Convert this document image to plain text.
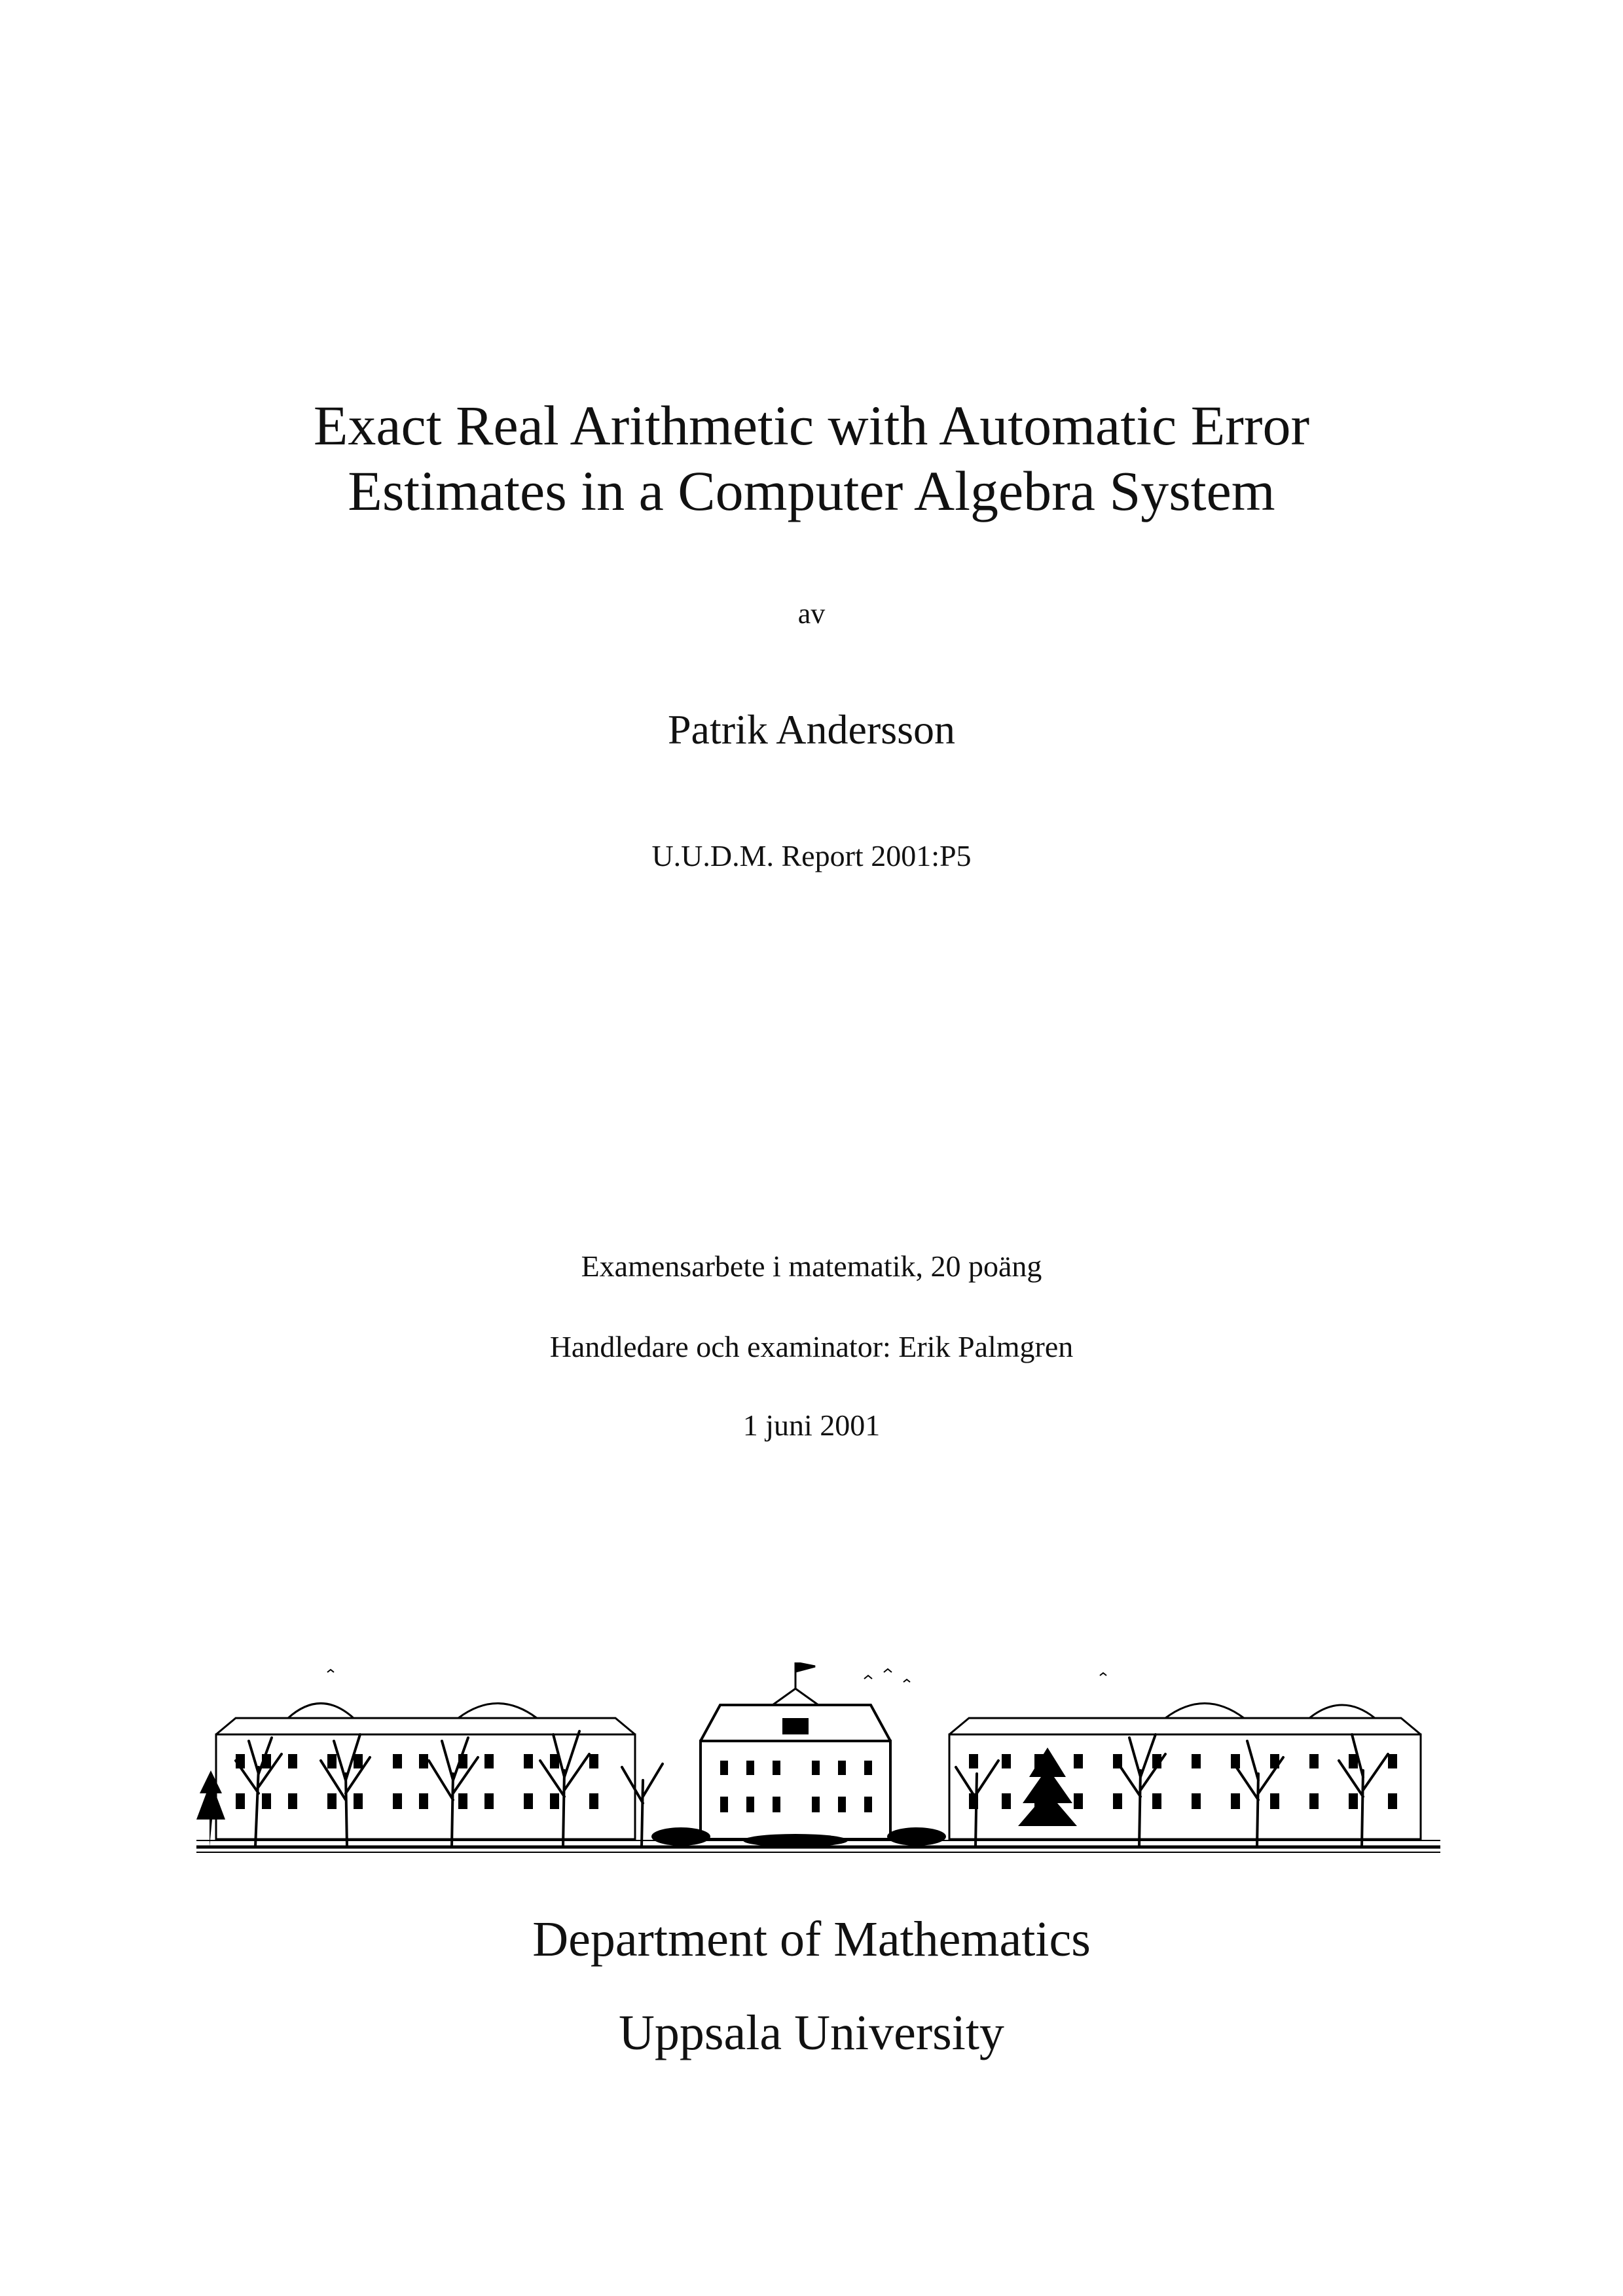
Exact Real Arithmetic with Automatic Error
Estimates in a Computer Algebra System
av
Patrik Andersson
U.U.D.M. Report 2001:P5
Examensarbete i matematik, 20 poäng
Handledare och examinator: Erik Palmgren
1 juni 2001
Department of Mathematics
Uppsala University
